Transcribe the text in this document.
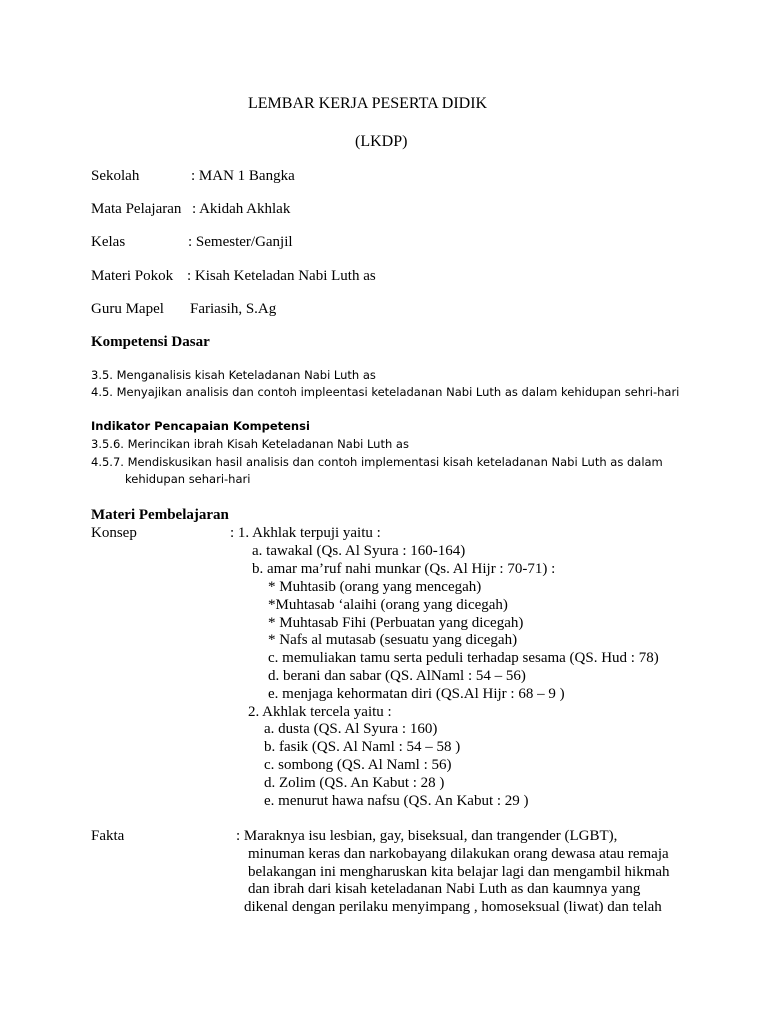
LEMBAR KERJA PESERTA DIDIK
(LKDP)
Sekolah	: MAN 1 Bangka
Mata Pelajaran : Akidah Akhlak
Kelas	: Semester/Ganjil
Materi Pokok : Kisah Keteladan Nabi Luth as
Guru Mapel Fariasih, S.Ag
Kompetensi Dasar
3.5. Menganalisis kisah Keteladanan Nabi Luth as
4.5. Menyajikan analisis dan contoh impleentasi keteladanan Nabi Luth as dalam kehidupan sehri-hari
Indikator Pencapaian Kompetensi
3.5.6. Merincikan ibrah Kisah Keteladanan Nabi Luth as
4.5.7. Mendiskusikan hasil analisis dan contoh implementasi kisah keteladanan Nabi Luth as dalam
kehidupan sehari-hari
Materi Pembelajaran
Konsep	: 1. Akhlak terpuji yaitu :
a. tawakal (Qs. Al Syura : 160-164)
b. amar ma’ruf nahi munkar (Qs. Al Hijr : 70-71) :
* Muhtasib (orang yang mencegah)
*Muhtasab ‘alaihi (orang yang dicegah)
* Muhtasab Fihi (Perbuatan yang dicegah)
* Nafs al mutasab (sesuatu yang dicegah)
c. memuliakan tamu serta peduli terhadap sesama (QS. Hud : 78)
d. berani dan sabar (QS. AlNaml : 54 – 56)
e. menjaga kehormatan diri (QS.Al Hijr : 68 – 9 )
2. Akhlak tercela yaitu :
a. dusta (QS. Al Syura : 160)
b. fasik (QS. Al Naml : 54 – 58 )
c. sombong (QS. Al Naml : 56)
d. Zolim (QS. An Kabut : 28 )
e. menurut hawa nafsu (QS. An Kabut : 29 )
Fakta	: Maraknya isu lesbian, gay, biseksual, dan trangender (LGBT),
minuman keras dan narkobayang dilakukan orang dewasa atau remaja
belakangan ini mengharuskan kita belajar lagi dan mengambil hikmah
dan ibrah dari kisah keteladanan Nabi Luth as dan kaumnya yang
dikenal dengan perilaku menyimpang , homoseksual (liwat) dan telah
